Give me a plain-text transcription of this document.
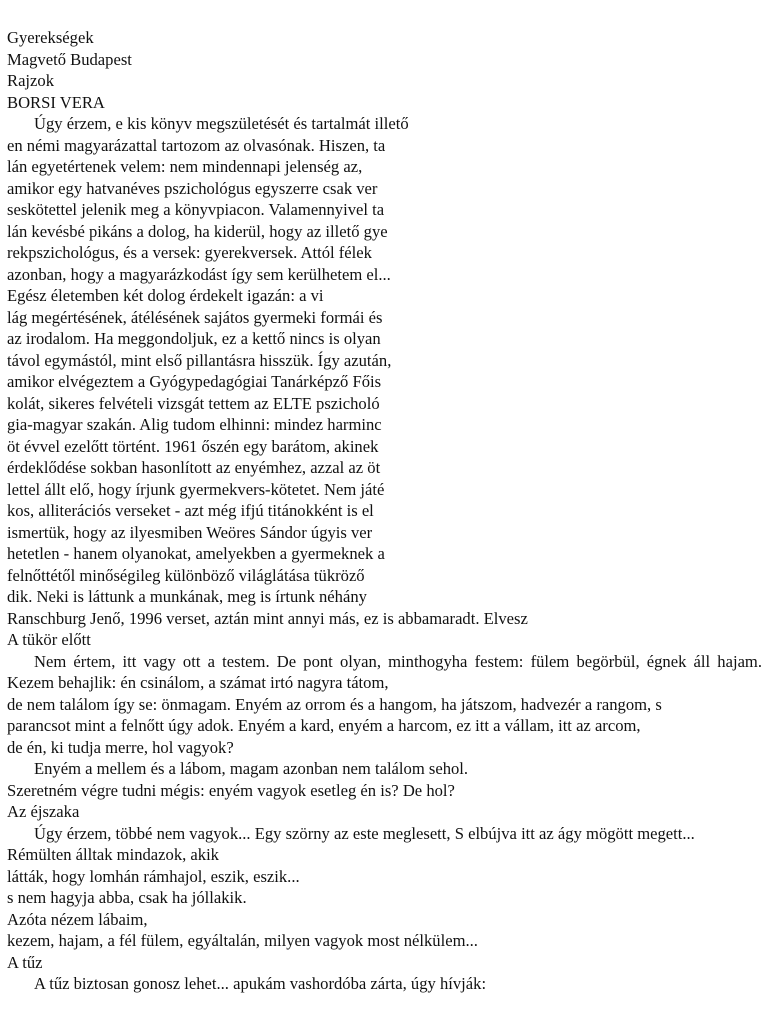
Gyerekségek
Magvető Budapest
Rajzok
BORSI VERA
Úgy érzem, e kis könyv megszületését és tartalmát illető
en némi magyarázattal tartozom az olvasónak. Hiszen, ta
lán egyetértenek velem: nem mindennapi jelenség az,
amikor egy hatvanéves pszichológus egyszerre csak ver
seskötettel jelenik meg a könyvpiacon. Valamennyivel ta
lán kevésbé pikáns a dolog, ha kiderül, hogy az illető gye
rekpszichológus, és a versek: gyerekversek. Attól félek
azonban, hogy a magyarázkodást így sem kerülhetem el...
Egész életemben két dolog érdekelt igazán: a vi
lág megértésének, átélésének sajátos gyermeki formái és
az irodalom. Ha meggondoljuk, ez a kettő nincs is olyan
távol egymástól, mint első pillantásra hisszük. Így azután,
amikor elvégeztem a Gyógypedagógiai Tanárképző Főis
kolát, sikeres felvételi vizsgát tettem az ELTE pszicholó
gia-magyar szakán. Alig tudom elhinni: mindez harminc
öt évvel ezelőtt történt. 1961 őszén egy barátom, akinek
érdeklődése sokban hasonlított az enyémhez, azzal az öt
lettel állt elő, hogy írjunk gyermekvers-kötetet. Nem játé
kos, alliterációs verseket - azt még ifjú titánokként is el
ismertük, hogy az ilyesmiben Weöres Sándor úgyis ver
hetetlen - hanem olyanokat, amelyekben a gyermeknek a
felnőttétől minőségileg különböző világlátása tükröző
dik. Neki is láttunk a munkának, meg is írtunk néhány
Ranschburg Jenő, 1996 verset, aztán mint annyi más, ez is abbamaradt. Elvesz
A tükör előtt
Nem értem, itt vagy ott a testem. De pont olyan, minthogyha festem: fülem begörbül, égnek áll hajam. Kezem behajlik: én csinálom, a számat irtó nagyra tátom,
de nem találom így se: önmagam. Enyém az orrom és a hangom, ha játszom, hadvezér a rangom, s
parancsot mint a felnőtt úgy adok. Enyém a kard, enyém a harcom, ez itt a vállam, itt az arcom,
de én, ki tudja merre, hol vagyok?
Enyém a mellem és a lábom, magam azonban nem találom sehol.
Szeretném végre tudni mégis: enyém vagyok esetleg én is? De hol?
Az éjszaka
Úgy érzem, többé nem vagyok... Egy szörny az este meglesett, S elbújva itt az ágy mögött megett...
Rémülten álltak mindazok, akik
látták, hogy lomhán rámhajol, eszik, eszik...
s nem hagyja abba, csak ha jóllakik.
Azóta nézem lábaim,
kezem, hajam, a fél fülem, egyáltalán, milyen vagyok most nélkülem...
A tűz
A tűz biztosan gonosz lehet... apukám vashordóba zárta, úgy hívják:
